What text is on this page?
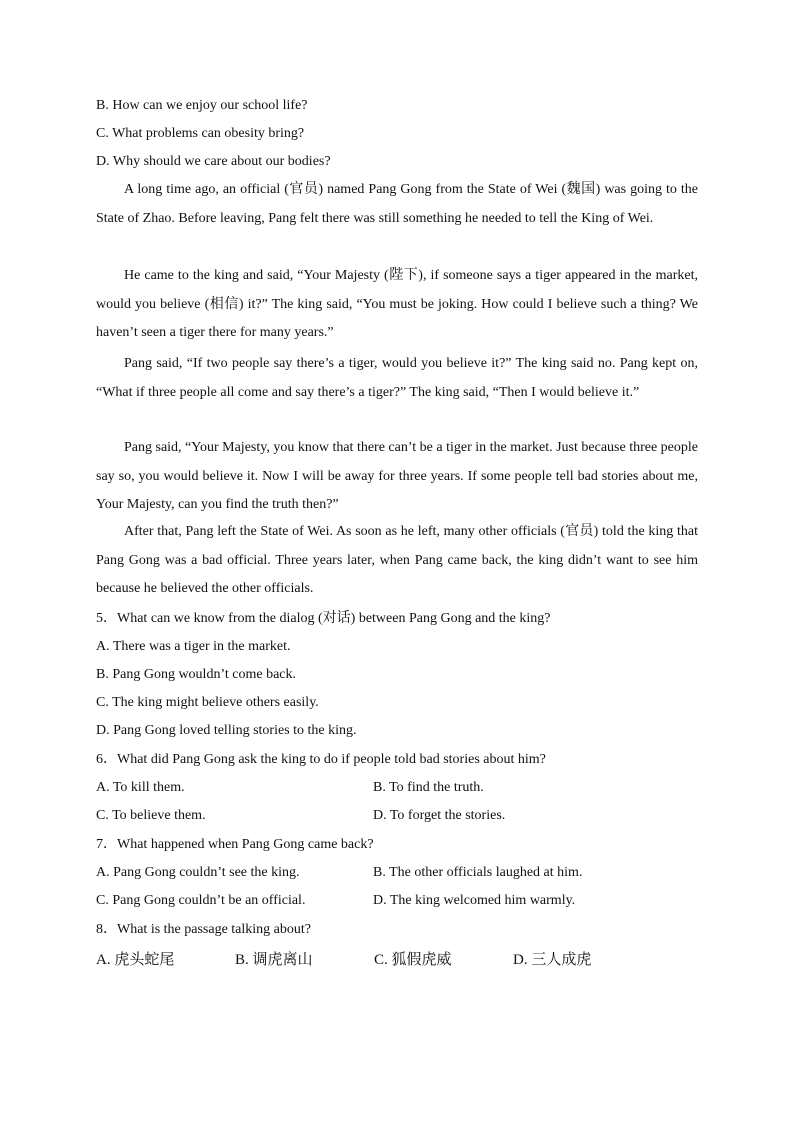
B. How can we enjoy our school life?
C. What problems can obesity bring?
D. Why should we care about our bodies?

A long time ago, an official (官员) named Pang Gong from the State of Wei (魏国) was going to the State of Zhao. Before leaving, Pang felt there was still something he needed to tell the King of Wei.

He came to the king and said, “Your Majesty (陛下), if someone says a tiger appeared in the market, would you believe (相信) it?” The king said, “You must be joking. How could I believe such a thing? We haven’t seen a tiger there for many years.”

Pang said, “If two people say there’s a tiger, would you believe it?” The king said no. Pang kept on, “What if three people all come and say there’s a tiger?” The king said, “Then I would believe it.”

Pang said, “Your Majesty, you know that there can’t be a tiger in the market. Just because three people say so, you would believe it. Now I will be away for three years. If some people tell bad stories about me, Your Majesty, can you find the truth then?”

After that, Pang left the State of Wei. As soon as he left, many other officials (官员) told the king that Pang Gong was a bad official. Three years later, when Pang came back, the king didn’t want to see him because he believed the other officials.

5．What can we know from the dialog (对话) between Pang Gong and the king?
A. There was a tiger in the market.
B. Pang Gong wouldn’t come back.
C. The king might believe others easily.
D. Pang Gong loved telling stories to the king.
6．What did Pang Gong ask the king to do if people told bad stories about him?
A. To kill them.	B. To find the truth.
C. To believe them.	D. To forget the stories.
7．What happened when Pang Gong came back?
A. Pang Gong couldn’t see the king.	B. The other officials laughed at him.
C. Pang Gong couldn’t be an official.	D. The king welcomed him warmly.
8．What is the passage talking about?
A. 虎头蛇尾	B. 调虎离山	C. 狐假虎威	D. 三人成虎
